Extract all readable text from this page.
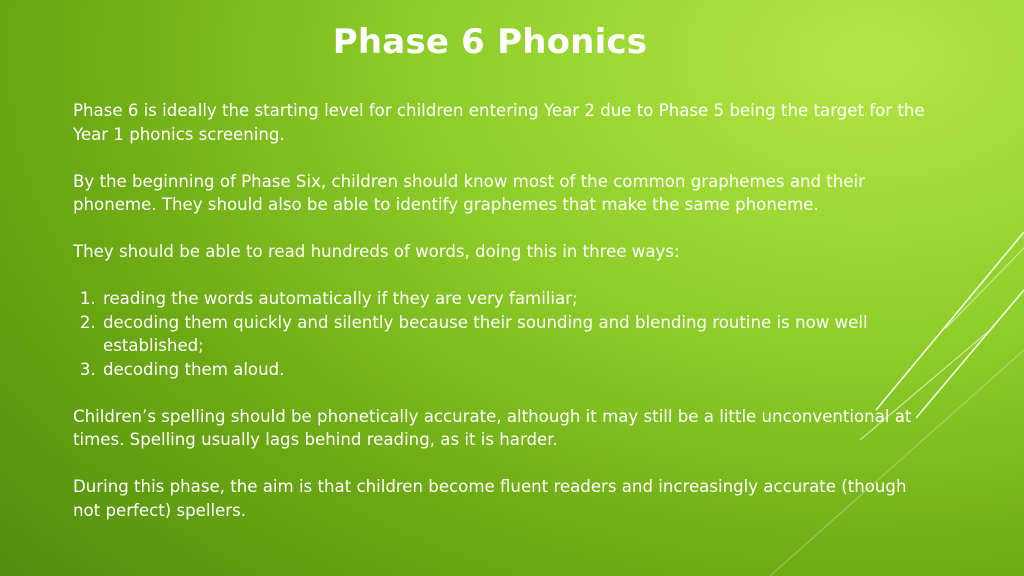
Phase 6 Phonics

Phase 6 is ideally the starting level for children entering Year 2 due to Phase 5 being the target for the Year 1 phonics screening.

By the beginning of Phase Six, children should know most of the common graphemes and their phoneme. They should also be able to identify graphemes that make the same phoneme.

They should be able to read hundreds of words, doing this in three ways:

1. reading the words automatically if they are very familiar;
2. decoding them quickly and silently because their sounding and blending routine is now well established;
3. decoding them aloud.

Children’s spelling should be phonetically accurate, although it may still be a little unconventional at times. Spelling usually lags behind reading, as it is harder.

During this phase, the aim is that children become fluent readers and increasingly accurate (though not perfect) spellers.
